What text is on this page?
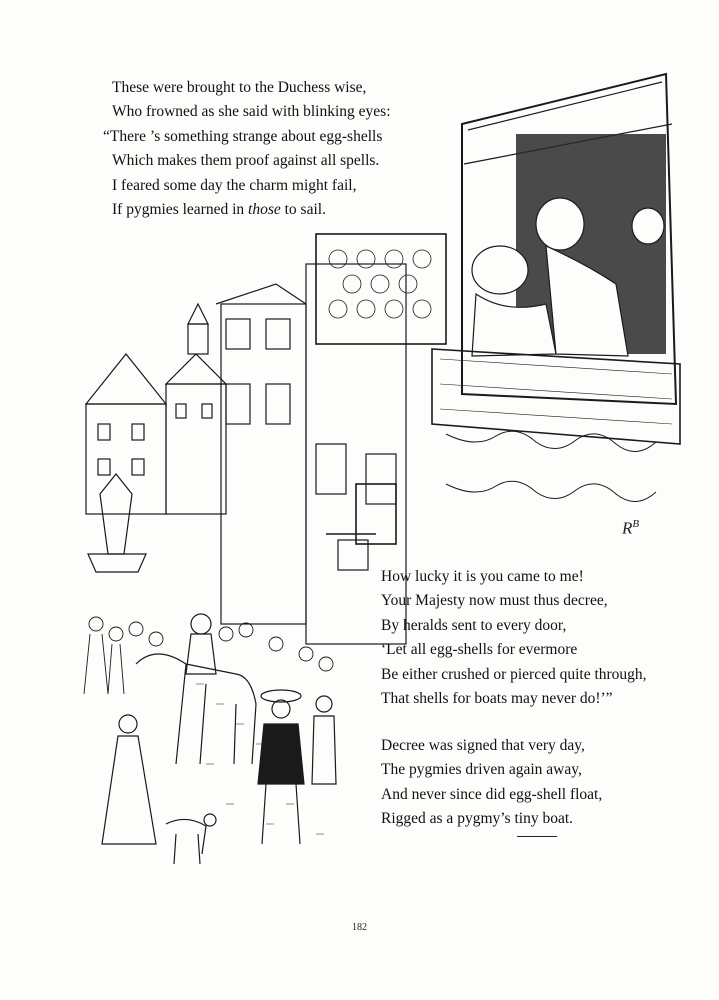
$R^B$
These were brought to the Duchess wise,
Who frowned as she said with blinking eyes:
“There ’s something strange about egg-shells
Which makes them proof against all spells.
I feared some day the charm might fail,
If pygmies learned in those to sail.
How lucky it is you came to me!
Your Majesty now must thus decree,
By heralds sent to every door,
‘Let all egg-shells for evermore
Be either crushed or pierced quite through,
That shells for boats may never do!’”
Decree was signed that very day,
The pygmies driven again away,
And never since did egg-shell float,
Rigged as a pygmy’s tiny boat.
182
